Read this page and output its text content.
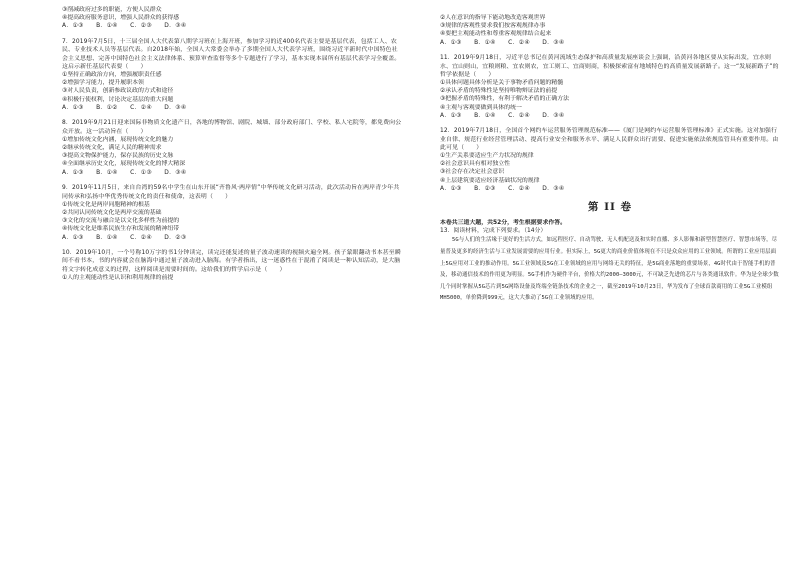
③削减政府过多的职能，方便人民群众
④提高政府服务意识，增强人民群众的获得感
A．①③　　B．①④　　C．②③　　D．③④
7．2019年7月5日，十三届全国人大代表第八期学习班在上海开班，参加学习的近400名代表主要是基层代表，包括工人、农民、专业技术人员等基层代表。自2018年始，全国人大常委会举办了多期全国人大代表学习班，围绕习近平新时代中国特色社会主义思想、完善中国特色社会主义法律体系、预算审查监督等多个专题进行了学习，基本实现本届所有基层代表学习全覆盖。这启示新任基层代表要（　　）
①坚持正确政治方向，增强履职责任感
②增强学习能力，提升履职本领
③对人民负责，创新参政议政的方式和途径
④积极行使权利，讨论决定基层的重大问题
A．①③　　B．①②　　C．②④　　D．③④
8．2019年9月21日迎来国际非物质文化遗产日，各地的博物馆、剧院、城墙、部分政府部门、学校、私人宅院等，都免费向公众开放。这一活动旨在（　　）
①增加传统文化内涵，展现传统文化的魅力
②继承传统文化，满足人民的精神需求
③提高文物保护能力，保存民族的历史文脉
④全面继承历史文化，展现传统文化的博大精深
A．①③　　B．①④　　C．①③　　D．③④
9．2019年11月5日，来自台湾的59名中学生在山东开展“齐鲁风·两岸情”中华传统文化研习活动，此次活动旨在两岸青少年共同传承和弘扬中华优秀传统文化的责任和使命，这表明（　　）
①传统文化是两岸同胞精神的根基
②共同认同传统文化是两岸交流的基础
③文化的交流与融合是以文化多样性为前提的
④传统文化是维系民族生存和发展的精神纽带
A．①③　　B．①④　　C．②④　　D．②③
10．2019年10月，一个号称10万字的书1分钟读完，读完还能复述的量子波动速读的视频火遍全网。孩子蒙眼翻动书本甚至瞬间不看书本，书的内容就会在脑海中通过量子波动进入脑海。有学者指出，这一迷惑性在于混淆了阅读是一种认知活动，是大脑将文字转化成意义的过程，这样阅读是需要时间的。这给我们的哲学启示是（　　）
①人的主观能动性是认识和利用规律的前提
②人在意识的指导下能动地改造客观世界
③规律的客观性要求我们按客观规律办事
④要把主观能动性和尊重客观规律结合起来
A．①③　　B．①④　　C．②④　　D．③④
11．2019年9月18日，习近平总书记在黄河流域生态保护和高质量发展座谈会上强调，沿黄河各地区要从实际出发，宜水则水、宜山则山，宜粮则粮、宜农则农，宜工则工、宜商则商，积极探索富有地域特色的高质量发展新路子。这一“发展新路子”的哲学依据是（　　）
①具体问题具体分析是关于事物矛盾问题的精髓
②承认矛盾的特殊性是坚持唯物辩证法的前提
③把握矛盾的特殊性，有利于解决矛盾的正确方法
④主观与客观要做到具体的统一
A．①③　　B．①④　　C．②④　　D．③④
12．2019年7月18日，全国首个网约车运营服务管理规范标准——《厦门是网约车运营服务管理标准》正式实施。这对加强行业自律、规范行业经营管理活动、提高行业安全和服务水平、满足人民群众出行需要、促进实施依法依规监管具有重要作用。由此可见（　　）
①生产关系要适应生产力状况的规律
②社会意识具有相对独立性
③社会存在决定社会意识
④上层建筑要适应经济基础状况的规律
A．①③　　B．②③　　C．②④　　D．③④
第 II 卷
本卷共三道大题，共52分，考生根据要求作答。
13．阅读材料，完成下列要求。（14分）
5G与人们的生活缘于更好的生活方式，如远程医疗、自动驾驶、无人机配送及和实时直播、多人影像和新型智慧医疗、智慧市场等，尽量普及更多的经济生活与工业发展需要的应用行业。但实际上，5G更大的商业价值体现在不只是众众应用的工业领域。所谓的工业应用层面上5G应用对工业的推动作用。5G工业领域及5G在工业领域的应用与网络无关的特征，是5G商业落地的重要场景，4G时代由于智能手机的普及，移动通信技术的作用更为明显。5G手机作为硬件平台，价格大约2000—3000元，不可缺乏先进的芯片与各类通讯软件。华为是全球少数几个同时掌握从5G芯片到5G网络设备及终端全链条技术的企业之一，截至2019年10月23日，华为发布了全球首款商用的工业5G工业模组MH5000，单价降到999元，这大大推动了5G在工业领域的应用。
